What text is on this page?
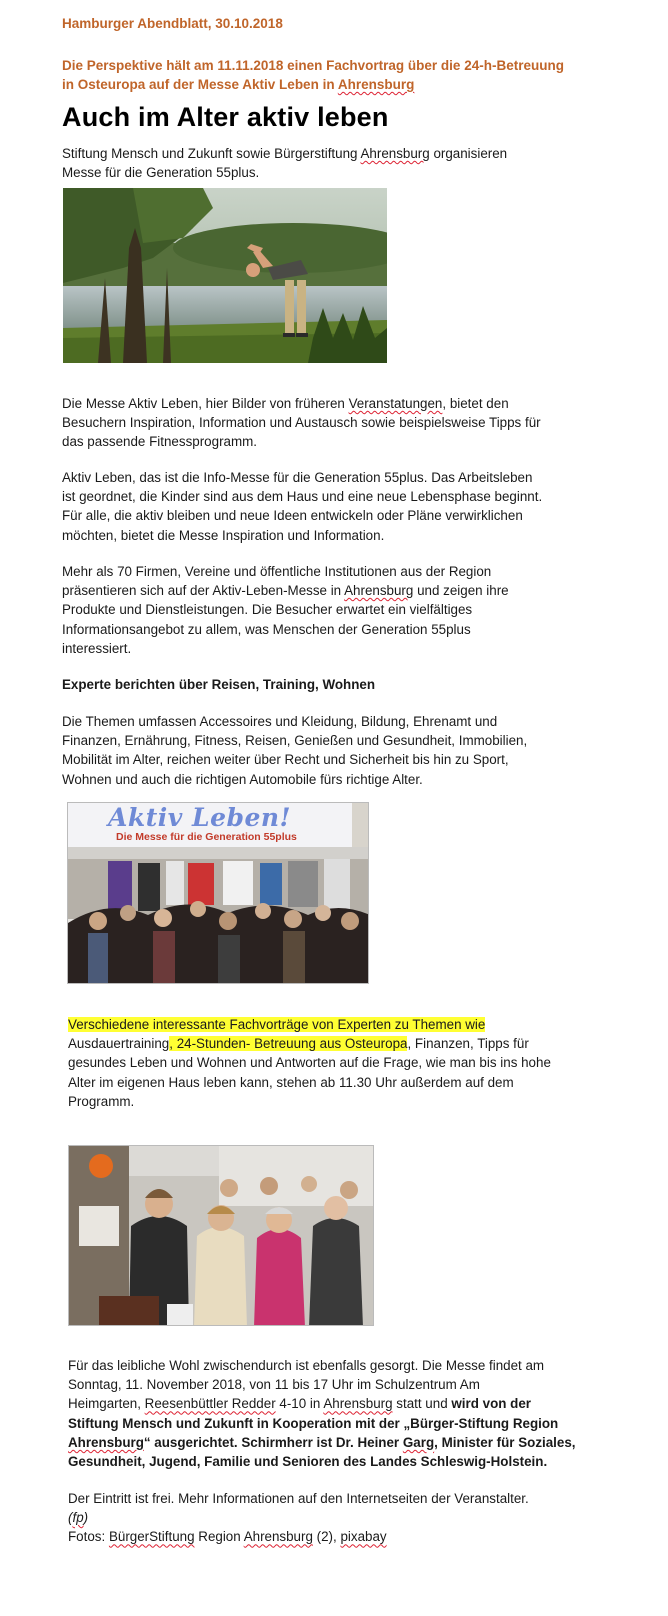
Hamburger Abendblatt, 30.10.2018
Die Perspektive hält am 11.11.2018 einen Fachvortrag über die 24-h-Betreuung
in Osteuropa auf der Messe Aktiv Leben in Ahrensburg
Auch im Alter aktiv leben
Stiftung Mensch und Zukunft sowie Bürgerstiftung Ahrensburg organisieren
Messe für die Generation 55plus.
Die Messe Aktiv Leben, hier Bilder von früheren Veranstatungen, bietet den
Besuchern Inspiration, Information und Austausch sowie beispielsweise Tipps für
das passende Fitnessprogramm.
Aktiv Leben, das ist die Info-Messe für die Generation 55plus. Das Arbeitsleben
ist geordnet, die Kinder sind aus dem Haus und eine neue Lebensphase beginnt.
Für alle, die aktiv bleiben und neue Ideen entwickeln oder Pläne verwirklichen
möchten, bietet die Messe Inspiration und Information.
Mehr als 70 Firmen, Vereine und öffentliche Institutionen aus der Region
präsentieren sich auf der Aktiv-Leben-Messe in Ahrensburg und zeigen ihre
Produkte und Dienstleistungen. Die Besucher erwartet ein vielfältiges
Informationsangebot zu allem, was Menschen der Generation 55plus
interessiert.
Experte berichten über Reisen, Training, Wohnen
Die Themen umfassen Accessoires und Kleidung, Bildung, Ehrenamt und
Finanzen, Ernährung, Fitness, Reisen, Genießen und Gesundheit, Immobilien,
Mobilität im Alter, reichen weiter über Recht und Sicherheit bis hin zu Sport,
Wohnen und auch die richtigen Automobile fürs richtige Alter.
Aktiv Leben!
Die Messe für die Generation 55plus
Verschiedene interessante Fachvorträge von Experten zu Themen wie
Ausdauertraining, 24-Stunden- Betreuung aus Osteuropa, Finanzen, Tipps für
gesundes Leben und Wohnen und Antworten auf die Frage, wie man bis ins hohe
Alter im eigenen Haus leben kann, stehen ab 11.30 Uhr außerdem auf dem
Programm.
Für das leibliche Wohl zwischendurch ist ebenfalls gesorgt. Die Messe findet am
Sonntag, 11. November 2018, von 11 bis 17 Uhr im Schulzentrum Am
Heimgarten, Reesenbüttler Redder 4-10 in Ahrensburg statt und wird von der
Stiftung Mensch und Zukunft in Kooperation mit der „Bürger-Stiftung Region
Ahrensburg“ ausgerichtet. Schirmherr ist Dr. Heiner Garg, Minister für Soziales,
Gesundheit, Jugend, Familie und Senioren des Landes Schleswig-Holstein.
Der Eintritt ist frei. Mehr Informationen auf den Internetseiten der Veranstalter.
(fp)
Fotos: BürgerStiftung Region Ahrensburg (2), pixabay
